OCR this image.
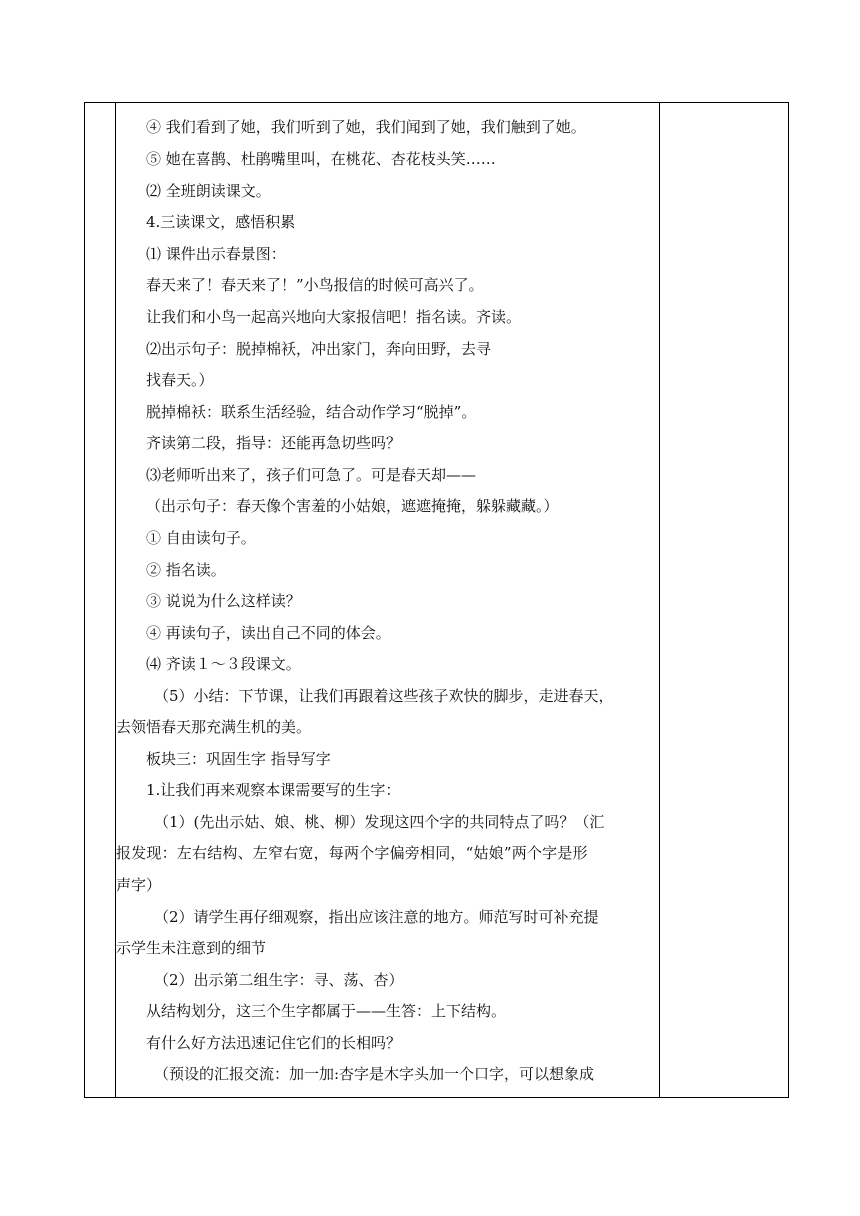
④ 我们看到了她，我们听到了她，我们闻到了她，我们触到了她。
⑤ 她在喜鹊、杜鹃嘴里叫，在桃花、杏花枝头笑……
⑵ 全班朗读课文。
4.三读课文，感悟积累
⑴ 课件出示春景图：
春天来了！春天来了！”小鸟报信的时候可高兴了。
让我们和小鸟一起高兴地向大家报信吧！指名读。齐读。
⑵出示句子：脱掉棉袄，冲出家门，奔向田野，去寻
找春天。）
脱掉棉袄：联系生活经验，结合动作学习“脱掉”。
齐读第二段，指导：还能再急切些吗？
⑶老师听出来了，孩子们可急了。可是春天却——
（出示句子：春天像个害羞的小姑娘，遮遮掩掩，躲躲藏藏。）
① 自由读句子。
② 指名读。
③ 说说为什么这样读？
④ 再读句子，读出自己不同的体会。
⑷ 齐读１～３段课文。
（5）小结：下节课，让我们再跟着这些孩子欢快的脚步，走进春天，
去领悟春天那充满生机的美。
板块三：巩固生字 指导写字
1.让我们再来观察本课需要写的生字：
（1）(先出示姑、娘、桃、柳）发现这四个字的共同特点了吗？（汇
报发现：左右结构、左窄右宽，每两个字偏旁相同，“姑娘”两个字是形
声字）
（2）请学生再仔细观察，指出应该注意的地方。师范写时可补充提
示学生未注意到的细节
（2）出示第二组生字：寻、荡、杏）
从结构划分，这三个生字都属于——生答：上下结构。
有什么好方法迅速记住它们的长相吗？
（预设的汇报交流：加一加:杏字是木字头加一个口字，可以想象成
